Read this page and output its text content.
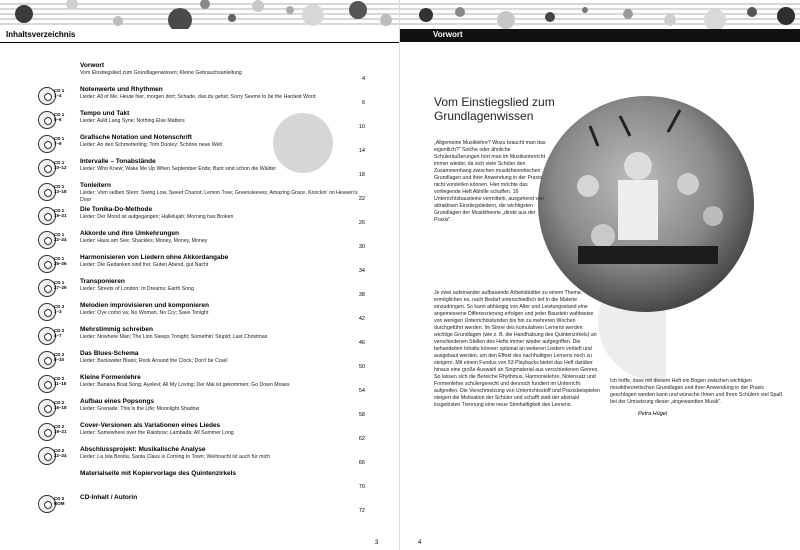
Inhaltsverzeichnis
Vorwort
Vom Einstiegslied zum Grundlagenwissen; Kleine Gebrauchsanleitung
4
CD 1
1–4
Notenwerte und Rhythmen
Lieder: All of Me; Heute hier, morgen dort; Schade, das du gehst; Sorry Seems to be the Hardest Word
6
CD 1
5–6
Tempo und Takt
Lieder: Auld Lang Syne; Nothing Else Matters
10
CD 1
7–9
Grafische Notation und Notenschrift
Lieder: An den Schmetterling; Tom Dooley; Schöne neue Welt
14
CD 1
10–12
Intervalle – Tonabstände
Lieder: Who Knew; Wake Me Up When September Ends; Bunt sind schon die Wälder
18
CD 1
13–18
Tonleitern
Lieder: Vom selben Stern; Swing Low, Sweet Chariot; Lemon Tree; Greensleeves; Amazing Grace, Knockin' on Heaven's Door	22
CD 1
19–21
Die Tonika-Do-Methode
Lieder: Der Mond ist aufgegangen; Hallelujah; Morning has Broken
26
CD 1
22–24
Akkorde und ihre Umkehrungen
Lieder: Haus am See; Shackles; Money, Money, Money
30
CD 1
25–26
Harmonisieren von Liedern ohne Akkordangabe
Lieder: Die Gedanken sind frei; Guten Abend, gut Nacht
34
CD 1
27–29
Transponieren
Lieder: Streets of London; In Dreams; Earth Song
38
CD 2
1–3
Melodien improvisieren und komponieren
Lieder: Oye como va; No Woman, No Cry; Save Tonight
42
CD 2
4–7
Mehrstimmig schreiben
Lieder: Nowhere Man; The Lion Sleeps Tonight; Somethin' Stupid; Last Christmas
46
CD 2
8–10
Das Blues-Schema
Lieder: Backwater Blues; Rock Around the Clock; Don't be Cruel
50
CD 2
11–15
Kleine Formenlehre
Lieder: Banana Boat Song; Ayelevi; All My Loving; Der Mai ist gekommen; Go Down Moses
54
CD 2
16–18
Aufbau eines Popsongs
Lieder: Grenade; This is the Life; Moonlight Shadow
58
CD 2
19–21
Cover-Versionen als Variationen eines Liedes
Lieder: Somewhere over the Rainbow; Lambada; All Summer Long
62
CD 2
22–24
Abschlussprojekt: Musikalische Analyse
Lieder: La Isla Bonita; Santa Claus is Coming to Town; Weihnacht ist auch für mich
66
Materialseite mit Kopiervorlage des Quintenzirkels
70
CD 2
ROM
CD-Inhalt / Autorin
72
3
Vorwort
4
Vom Einstiegslied zum Grundlagenwissen
„Allgemeine Musiklehre? Wozu braucht man das eigentlich?" Solche oder ähnliche Schüleräußerungen hört man im Musikunterricht immer wieder, da sich viele Schüler den Zusammenhang zwischen musiktheoretischen Grundlagen und ihrer Anwendung in der Praxis nicht vorstellen können. Hier möchte das vorliegende Heft Abhilfe schaffen. 16 Unterrichtsbausteine vermitteln, ausgehend von attraktiven Einstiegsliedern, die wichtigsten Grundlagen der Musiktheorie „direkt aus der Praxis".
Je zwei aufeinander aufbauende Arbeitsblätter zu einem Thema ermöglichen es, nach Bedarf unterschiedlich tief in die Materie einzudringen. So kann abhängig von Alter und Leistungsstand eine angemessene Differenzierung erfolgen und jeder Baustein wahlweise von wenigen Unterrichtsstunden bis hin zu mehreren Wochen durchgeführt werden. Im Sinne des kumulativen Lernens werden wichtige Grundlagen (wie z. B. die Handhabung des Quintenzirkels) an verschiedenen Stellen des Hefts immer wieder aufgegriffen. Die behandelten Inhalte können optional an weiteren Liedern vertieft und ausgebaut werden, um den Effekt des nachhaltigen Lernens noch zu steigern. Mit einem Fundus von 53 Playbacks bietet das Heft darüber hinaus eine große Auswahl an Singmaterial aus verschiedenen Genres. So lassen sich die Bereiche Rhythmus, Harmonielehre, Notensatz und Formenlehre schülergerecht und dennoch fundiert im Unterricht aufgreifen. Die Verschmelzung von Unterrichtsstoff und Praxisbeispielen steigert die Motivation der Schüler und schafft statt der abstrakt losgelösten Trennung eine neue Sinnhaftigkeit des Lernens.
Ich hoffe, dass mit diesem Heft ein Bogen zwischen wichtigen musiktheoretischen Grundlagen und ihrer Anwendung in der Praxis geschlagen werden kann und wünsche Ihnen und Ihren Schülern viel Spaß bei der Umsetzung dieser „angewandten Musik".
Petra Hügel
